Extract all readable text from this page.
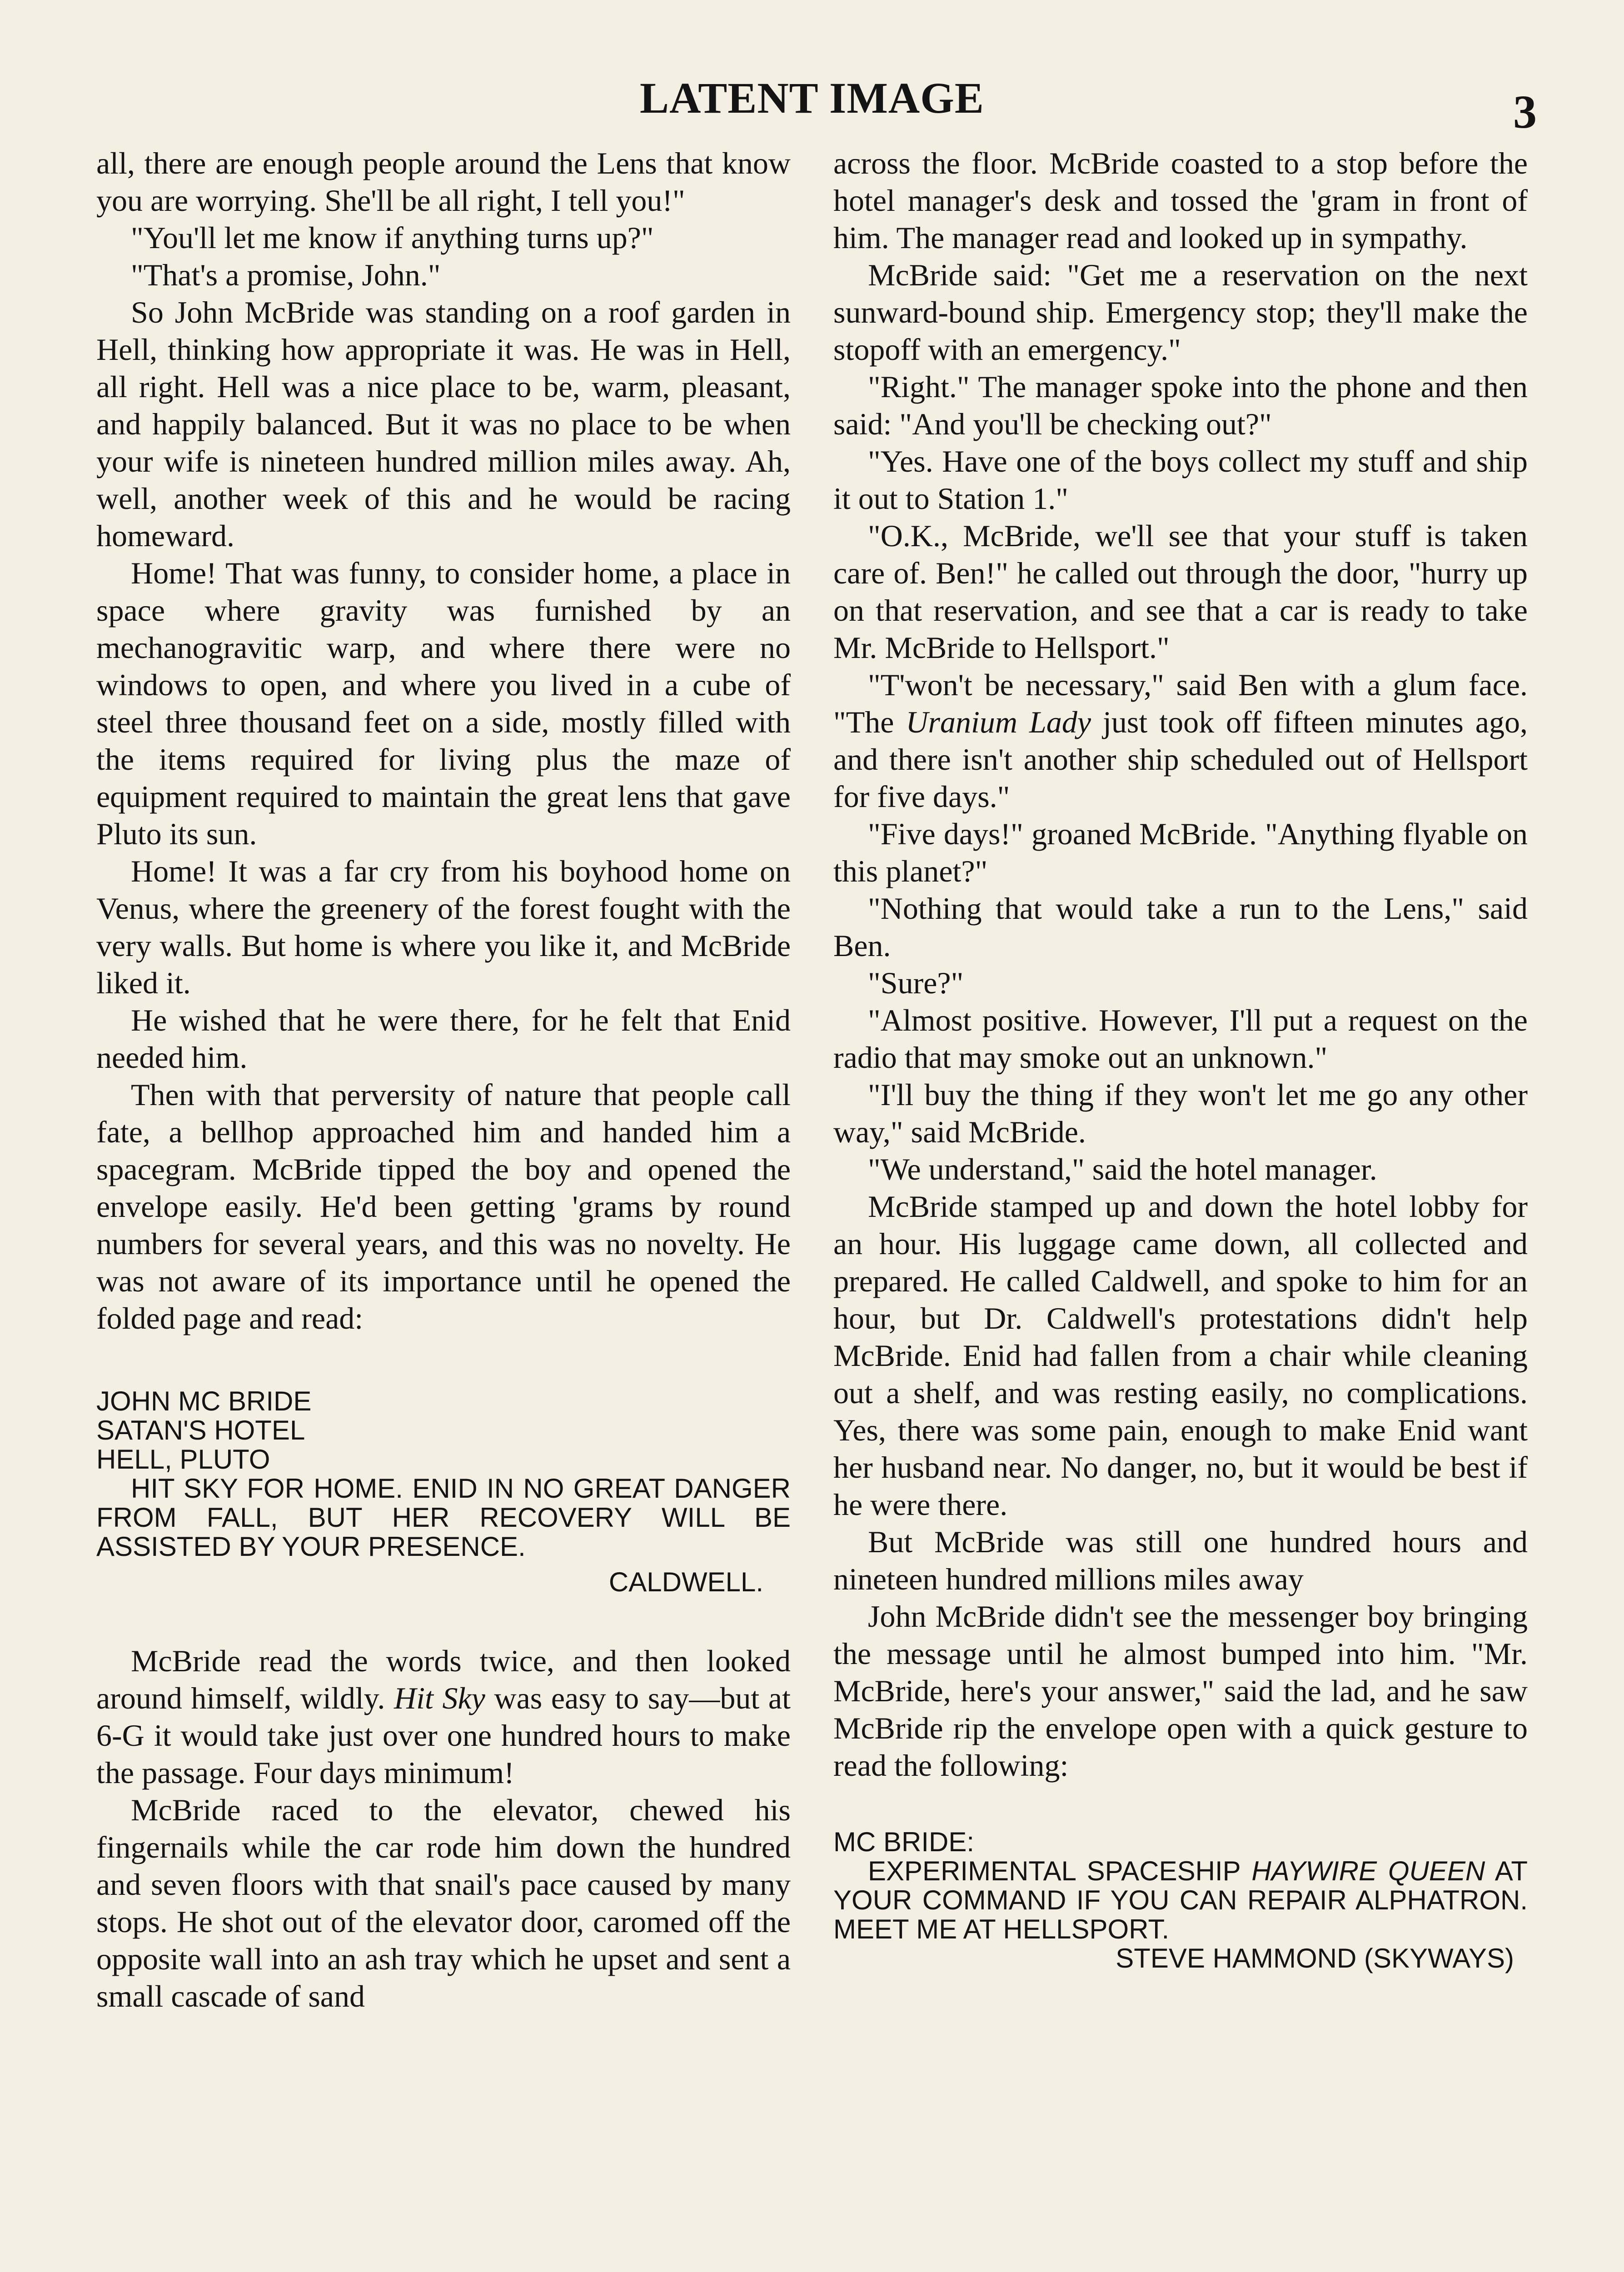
LATENT IMAGE	3

all, there are enough people around the Lens that know you are worrying. She'll be all right, I tell you!"

"You'll let me know if anything turns up?"

"That's a promise, John."

So John McBride was standing on a roof garden in Hell, thinking how appropriate it was. He was in Hell, all right. Hell was a nice place to be, warm, pleasant, and happily balanced. But it was no place to be when your wife is nineteen hundred million miles away. Ah, well, another week of this and he would be racing homeward.

Home! That was funny, to consider home, a place in space where gravity was furnished by an mechanogravitic warp, and where there were no windows to open, and where you lived in a cube of steel three thousand feet on a side, mostly filled with the items required for living plus the maze of equipment required to maintain the great lens that gave Pluto its sun.

Home! It was a far cry from his boyhood home on Venus, where the greenery of the forest fought with the very walls. But home is where you like it, and McBride liked it.

He wished that he were there, for he felt that Enid needed him.

Then with that perversity of nature that people call fate, a bellhop approached him and handed him a spacegram. McBride tipped the boy and opened the envelope easily. He'd been getting 'grams by round numbers for several years, and this was no novelty. He was not aware of its importance until he opened the folded page and read:

JOHN MC BRIDE
SATAN'S HOTEL
HELL, PLUTO
HIT SKY FOR HOME. ENID IN NO GREAT DANGER FROM FALL, BUT HER RECOVERY WILL BE ASSISTED BY YOUR PRESENCE.
CALDWELL.

McBride read the words twice, and then looked around himself, wildly. Hit Sky was easy to say—but at 6-G it would take just over one hundred hours to make the passage. Four days minimum!

McBride raced to the elevator, chewed his fingernails while the car rode him down the hundred and seven floors with that snail's pace caused by many stops. He shot out of the elevator door, caromed off the opposite wall into an ash tray which he upset and sent a small cascade of sand

across the floor. McBride coasted to a stop before the hotel manager's desk and tossed the 'gram in front of him. The manager read and looked up in sympathy.

McBride said: "Get me a reservation on the next sunward-bound ship. Emergency stop; they'll make the stopoff with an emergency."

"Right." The manager spoke into the phone and then said: "And you'll be checking out?"

"Yes. Have one of the boys collect my stuff and ship it out to Station 1."

"O.K., McBride, we'll see that your stuff is taken care of. Ben!" he called out through the door, "hurry up on that reservation, and see that a car is ready to take Mr. McBride to Hellsport."

"T'won't be necessary," said Ben with a glum face. "The Uranium Lady just took off fifteen minutes ago, and there isn't another ship scheduled out of Hellsport for five days."

"Five days!" groaned McBride. "Anything flyable on this planet?"

"Nothing that would take a run to the Lens," said Ben.

"Sure?"

"Almost positive. However, I'll put a request on the radio that may smoke out an unknown."

"I'll buy the thing if they won't let me go any other way," said McBride.

"We understand," said the hotel manager.

McBride stamped up and down the hotel lobby for an hour. His luggage came down, all collected and prepared. He called Caldwell, and spoke to him for an hour, but Dr. Caldwell's protestations didn't help McBride. Enid had fallen from a chair while cleaning out a shelf, and was resting easily, no complications. Yes, there was some pain, enough to make Enid want her husband near. No danger, no, but it would be best if he were there.

But McBride was still one hundred hours and nineteen hundred millions miles away

John McBride didn't see the messenger boy bringing the message until he almost bumped into him. "Mr. McBride, here's your answer," said the lad, and he saw McBride rip the envelope open with a quick gesture to read the following:

MC BRIDE:
EXPERIMENTAL SPACESHIP HAYWIRE QUEEN AT YOUR COMMAND IF YOU CAN REPAIR ALPHATRON. MEET ME AT HELLSPORT.
STEVE HAMMOND (SKYWAYS)
